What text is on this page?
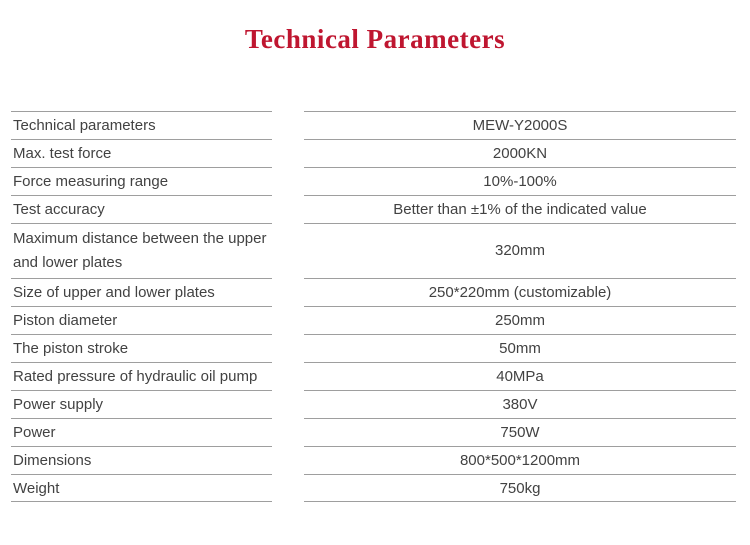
Technical Parameters
Technical parameters
Max. test force
Force measuring range
Test accuracy
Maximum distance between the upper and lower plates
Size of upper and lower plates
Piston diameter
The piston stroke
Rated pressure of hydraulic oil pump
Power supply
Power
Dimensions
Weight
MEW-Y2000S
2000KN
10%-100%
Better than ±1% of the indicated value
320mm
250*220mm (customizable)
250mm
50mm
40MPa
380V
750W
800*500*1200mm
750kg
